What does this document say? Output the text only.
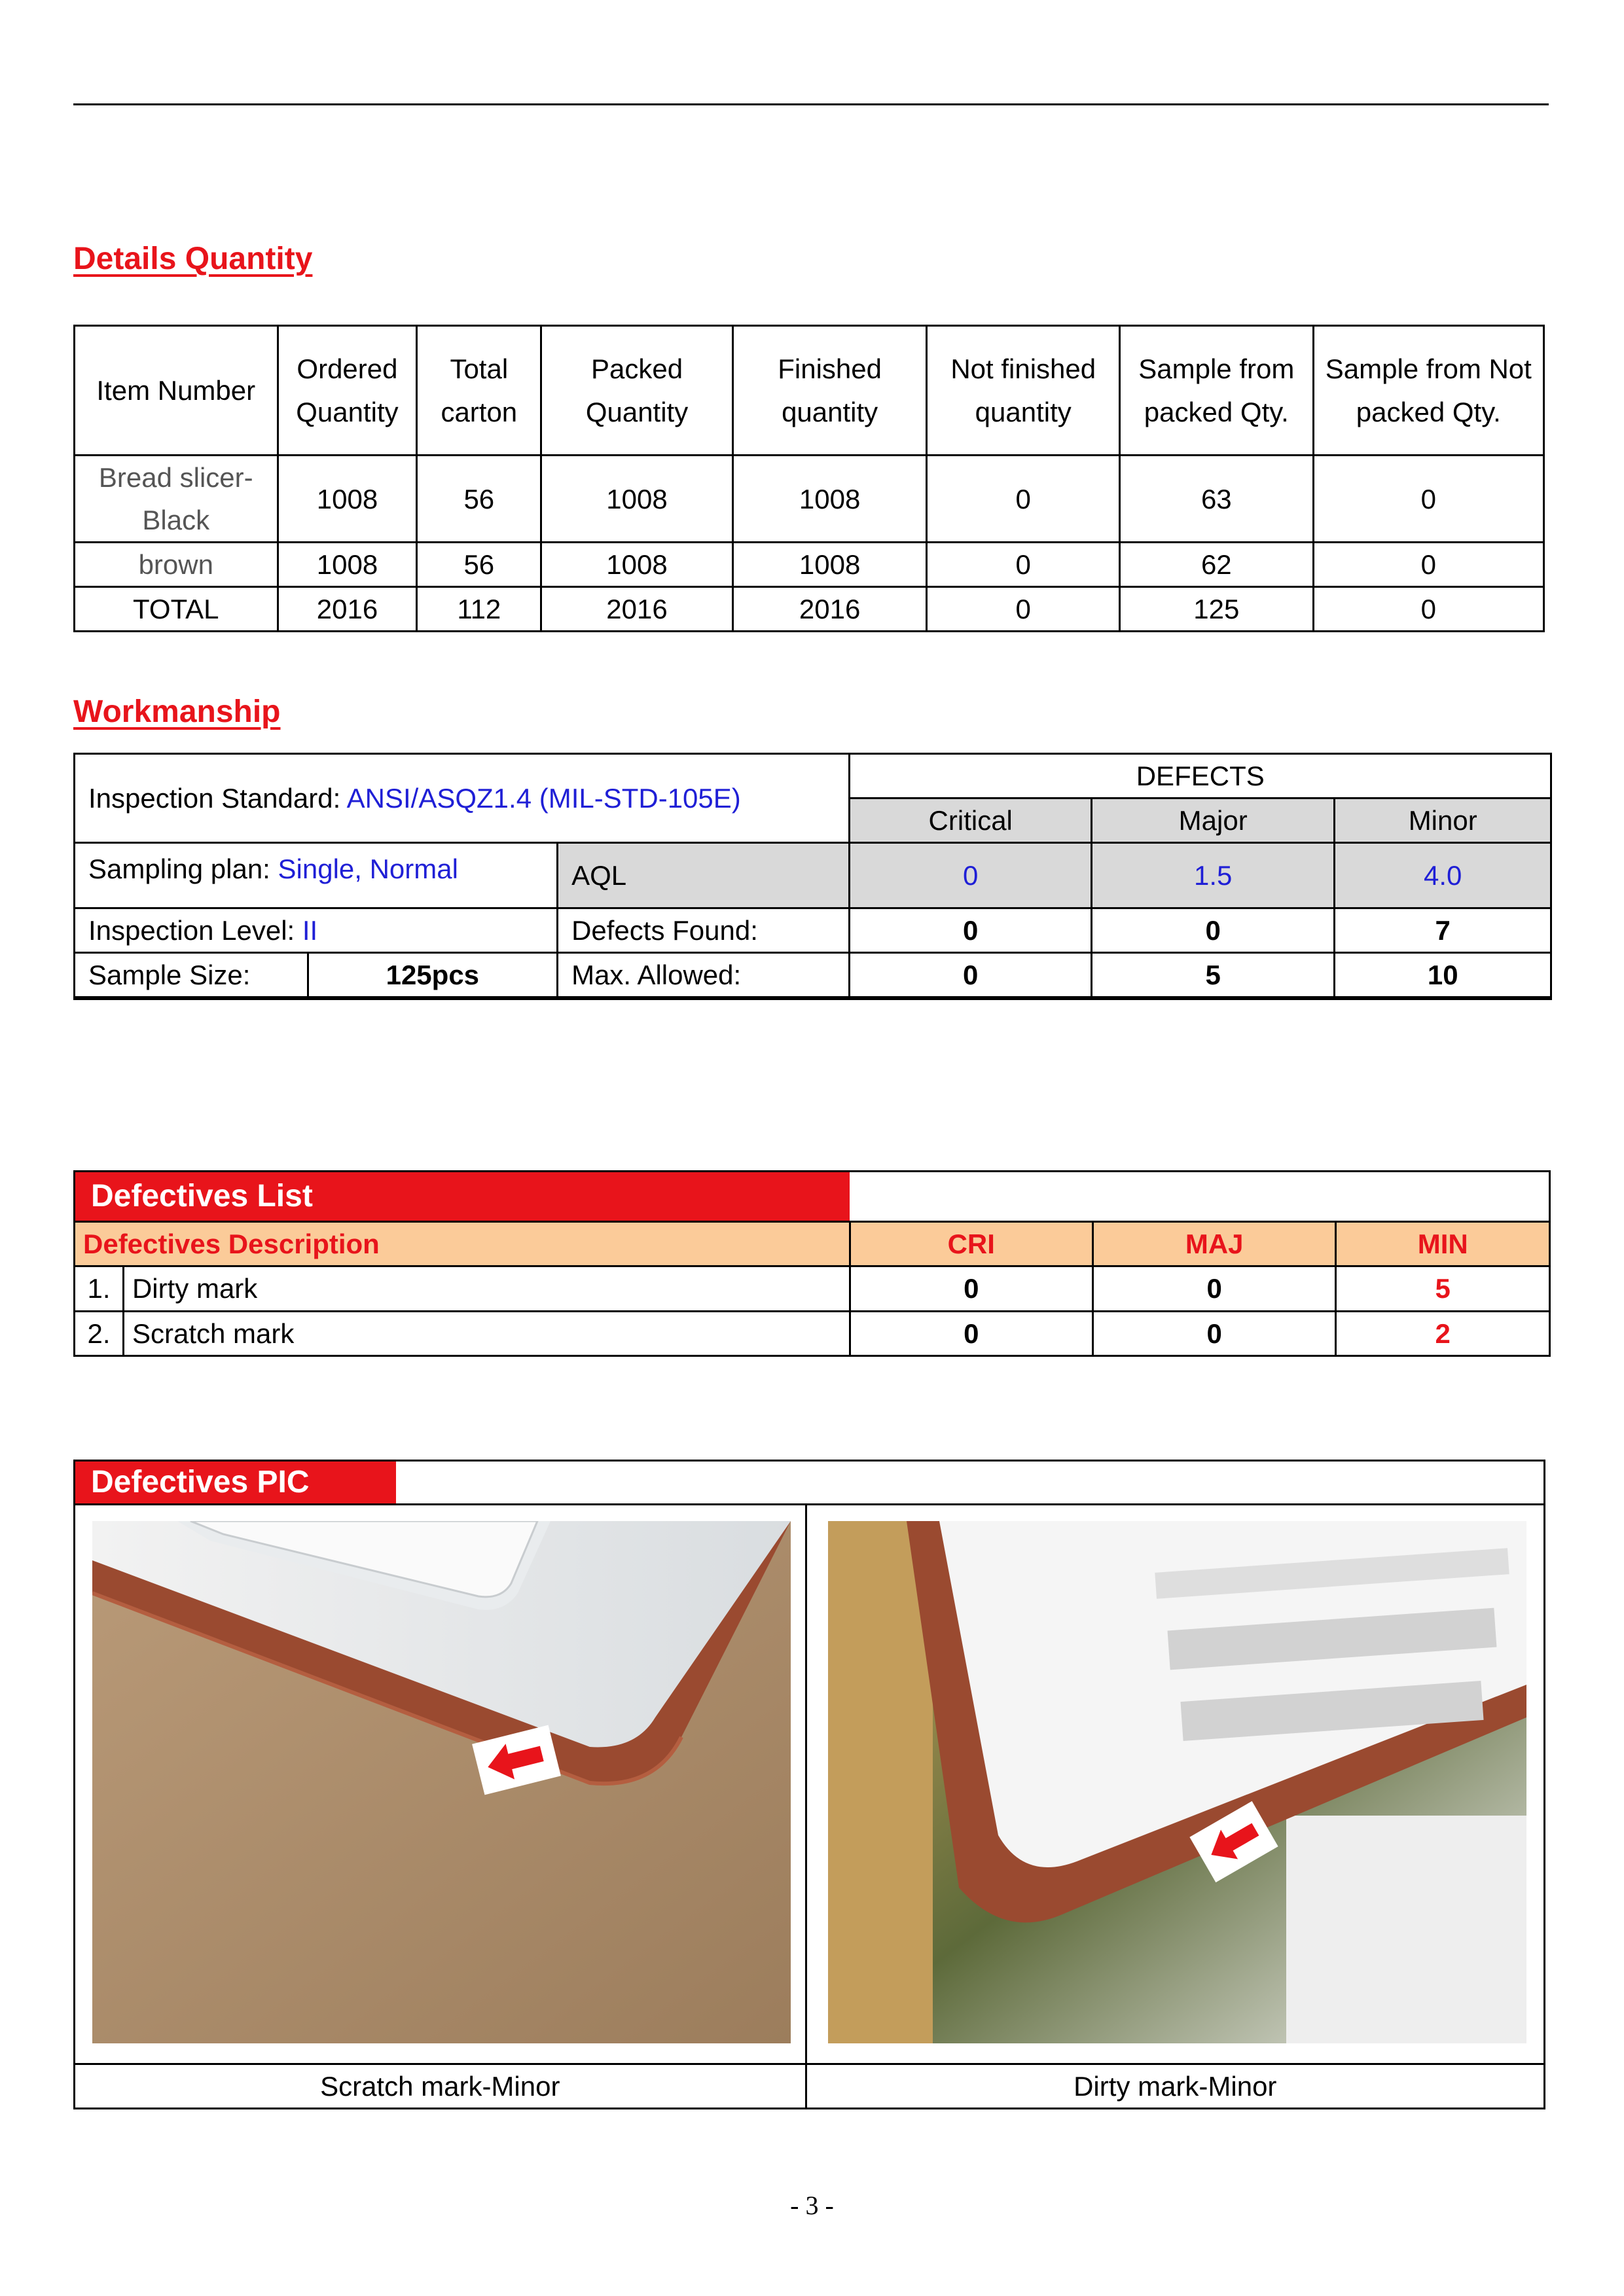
Details Quantity
Item Number	Ordered Quantity	Total carton	Packed Quantity	Finished quantity	Not finished quantity	Sample from packed Qty.	Sample from Not packed Qty.
Bread slicer-Black	1008	56	1008	1008	0	63	0
brown	1008	56	1008	1008	0	62	0
TOTAL	2016	112	2016	2016	0	125	0
Workmanship
Inspection Standard: ANSI/ASQZ1.4 (MIL-STD-105E)			DEFECTS		
			Critical	Major	Minor
Sampling plan: Single, Normal		AQL	0	1.5	4.0
Inspection Level: II		Defects Found:	0	0	7
Sample Size:	125pcs	Max. Allowed:	0	5	10
Defectives List				

Defectives Description		CRI	MAJ	MIN
1.	Dirty mark	0	0	5
2.	Scratch mark	0	0	2
Defectives PIC	

Scratch mark-Minor	Dirty mark-Minor
- 3 -
